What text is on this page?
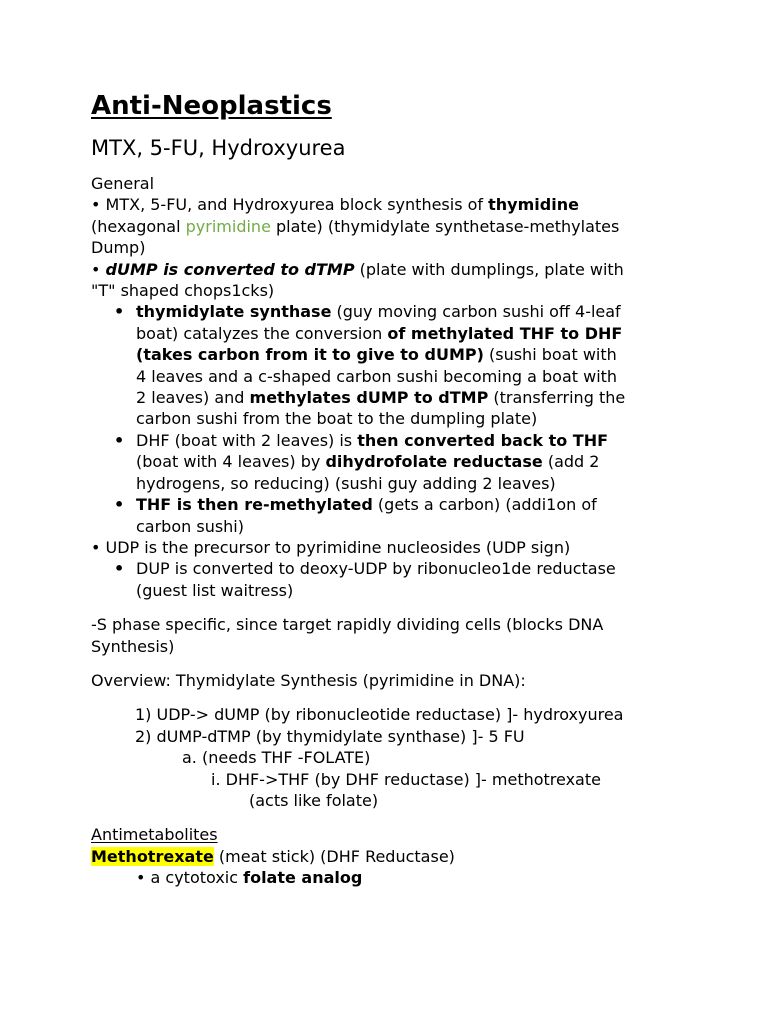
Anti-Neoplastics
MTX, 5-FU, Hydroxyurea

General

• MTX, 5-FU, and Hydroxyurea block synthesis of thymidine

(hexagonal pyrimidine plate) (thymidylate synthetase-methylates

Dump)

• dUMP is converted to dTMP (plate with dumplings, plate with

"T" shaped chops1cks)

• thymidylate synthase (guy moving carbon sushi off 4-leaf
boat) catalyzes the conversion of methylated THF to DHF
(takes carbon from it to give to dUMP) (sushi boat with
4 leaves and a c-shaped carbon sushi becoming a boat with
2 leaves) and methylates dUMP to dTMP (transferring the
carbon sushi from the boat to the dumpling plate)
• DHF (boat with 2 leaves) is then converted back to THF
(boat with 4 leaves) by dihydrofolate reductase (add 2
hydrogens, so reducing) (sushi guy adding 2 leaves)
• THF is then re-methylated (gets a carbon) (addi1on of
carbon sushi)

• UDP is the precursor to pyrimidine nucleosides (UDP sign)

• DUP is converted to deoxy-UDP by ribonucleo1de reductase
(guest list waitress)

-S phase specific, since target rapidly dividing cells (blocks DNA

Synthesis)

Overview: Thymidylate Synthesis (pyrimidine in DNA):

1) UDP-> dUMP (by ribonucleotide reductase) ]- hydroxyurea

2) dUMP-dTMP (by thymidylate synthase) ]- 5 FU

a. (needs THF -FOLATE)

i. DHF->THF (by DHF reductase) ]- methotrexate

(acts like folate)

Antimetabolites

Methotrexate (meat stick) (DHF Reductase)

• a cytotoxic folate analog
